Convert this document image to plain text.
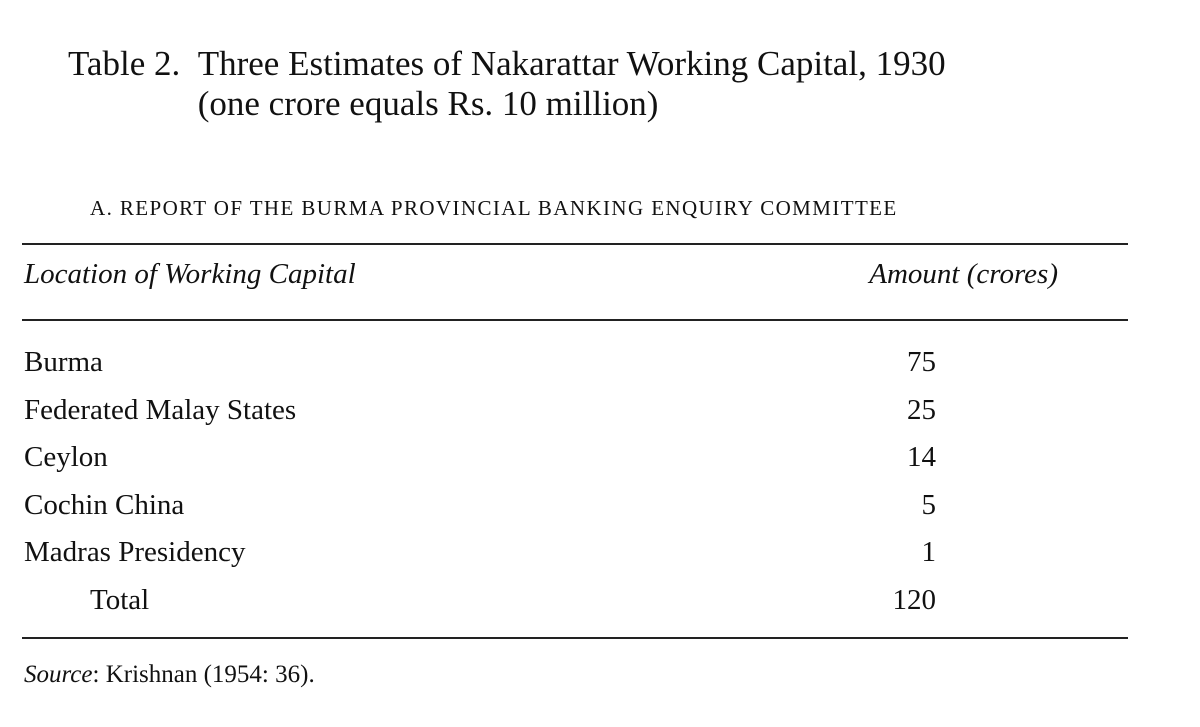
Table 2.
Three Estimates of Nakarattar Working Capital, 1930
(one crore equals Rs. 10 million)
A. REPORT OF THE BURMA PROVINCIAL BANKING ENQUIRY COMMITTEE
Location of Working Capital	Amount (crores)
Burma	75
Federated Malay States	25
Ceylon	14
Cochin China	5
Madras Presidency	1
Total	120
Source: Krishnan (1954: 36).
